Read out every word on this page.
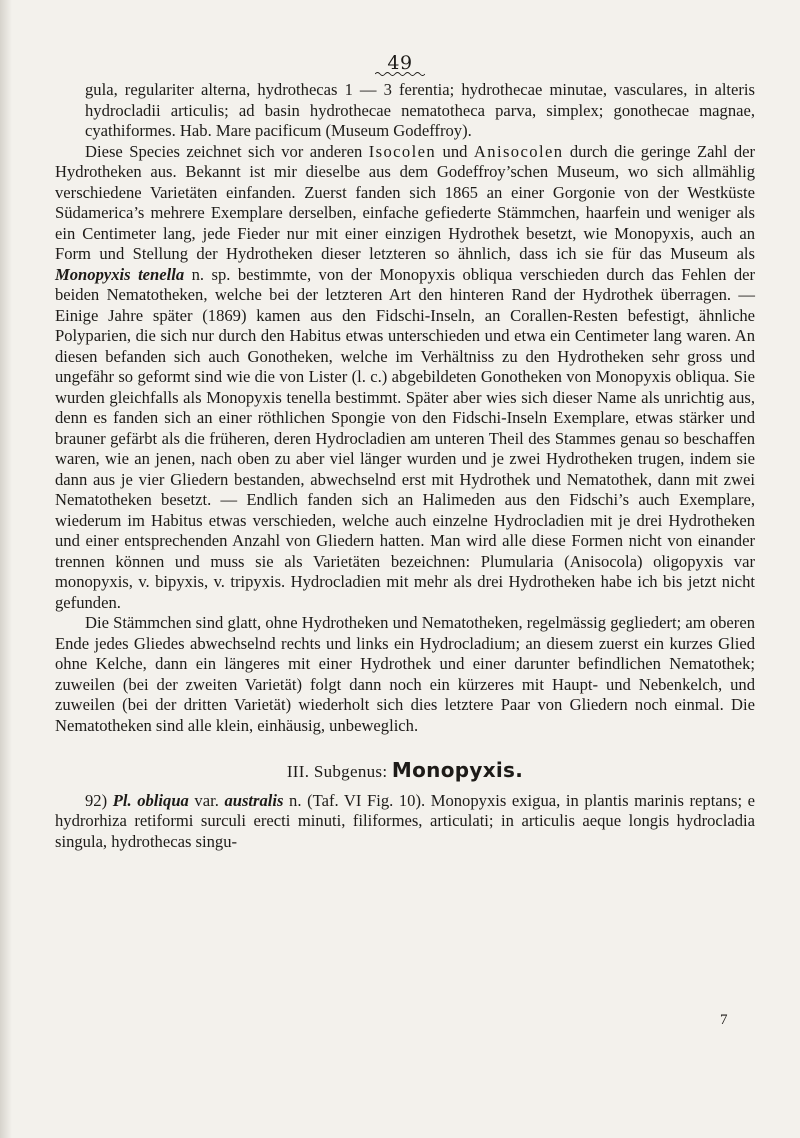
49

gula, regulariter alterna, hydrothecas 1 — 3 ferentia; hydrothecae minutae, vasculares, in alteris hydrocladii articulis; ad basin hydrothecae nematotheca parva, simplex; gonothecae magnae, cyathiformes. Hab. Mare pacificum (Museum Godeffroy).

Diese Species zeichnet sich vor anderen Isocolen und Anisocolen durch die geringe Zahl der Hydrotheken aus. Bekannt ist mir dieselbe aus dem Godeffroy’schen Museum, wo sich allmählig verschiedene Varietäten einfanden. Zuerst fanden sich 1865 an einer Gorgonie von der Westküste Südamerica’s mehrere Exemplare derselben, einfache gefiederte Stämmchen, haarfein und weniger als ein Centimeter lang, jede Fieder nur mit einer einzigen Hydrothek besetzt, wie Monopyxis, auch an Form und Stellung der Hydrotheken dieser letzteren so ähnlich, dass ich sie für das Museum als Monopyxis tenella n. sp. bestimmte, von der Monopyxis obliqua verschieden durch das Fehlen der beiden Nematotheken, welche bei der letzteren Art den hinteren Rand der Hydrothek überragen. — Einige Jahre später (1869) kamen aus den Fidschi-Inseln, an Corallen-Resten befestigt, ähnliche Polyparien, die sich nur durch den Habitus etwas unterschieden und etwa ein Centimeter lang waren. An diesen befanden sich auch Gonotheken, welche im Verhältniss zu den Hydrotheken sehr gross und ungefähr so geformt sind wie die von Lister (l. c.) abgebildeten Gonotheken von Monopyxis obliqua. Sie wurden gleichfalls als Monopyxis tenella bestimmt. Später aber wies sich dieser Name als unrichtig aus, denn es fanden sich an einer röthlichen Spongie von den Fidschi-Inseln Exemplare, etwas stärker und brauner gefärbt als die früheren, deren Hydrocladien am unteren Theil des Stammes genau so beschaffen waren, wie an jenen, nach oben zu aber viel länger wurden und je zwei Hydrotheken trugen, indem sie dann aus je vier Gliedern bestanden, abwechselnd erst mit Hydrothek und Nematothek, dann mit zwei Nematotheken besetzt. — Endlich fanden sich an Halimeden aus den Fidschi’s auch Exemplare, wiederum im Habitus etwas verschieden, welche auch einzelne Hydrocladien mit je drei Hydrotheken und einer entsprechenden Anzahl von Gliedern hatten. Man wird alle diese Formen nicht von einander trennen können und muss sie als Varietäten bezeichnen: Plumularia (Anisocola) oligopyxis var monopyxis, v. bipyxis, v. tripyxis. Hydrocladien mit mehr als drei Hydrotheken habe ich bis jetzt nicht gefunden.

Die Stämmchen sind glatt, ohne Hydrotheken und Nematotheken, regelmässig gegliedert; am oberen Ende jedes Gliedes abwechselnd rechts und links ein Hydrocladium; an diesem zuerst ein kurzes Glied ohne Kelche, dann ein längeres mit einer Hydrothek und einer darunter befindlichen Nematothek; zuweilen (bei der zweiten Varietät) folgt dann noch ein kürzeres mit Haupt- und Nebenkelch, und zuweilen (bei der dritten Varietät) wiederholt sich dies letztere Paar von Gliedern noch einmal. Die Nematotheken sind alle klein, einhäusig, unbeweglich.

III. Subgenus: Monopyxis.

92) Pl. obliqua var. australis n. (Taf. VI Fig. 10). Monopyxis exigua, in plantis marinis reptans; e hydrorhiza retiformi surculi erecti minuti, filiformes, articulati; in articulis aeque longis hydrocladia singula, hydrothecas singu-

7
